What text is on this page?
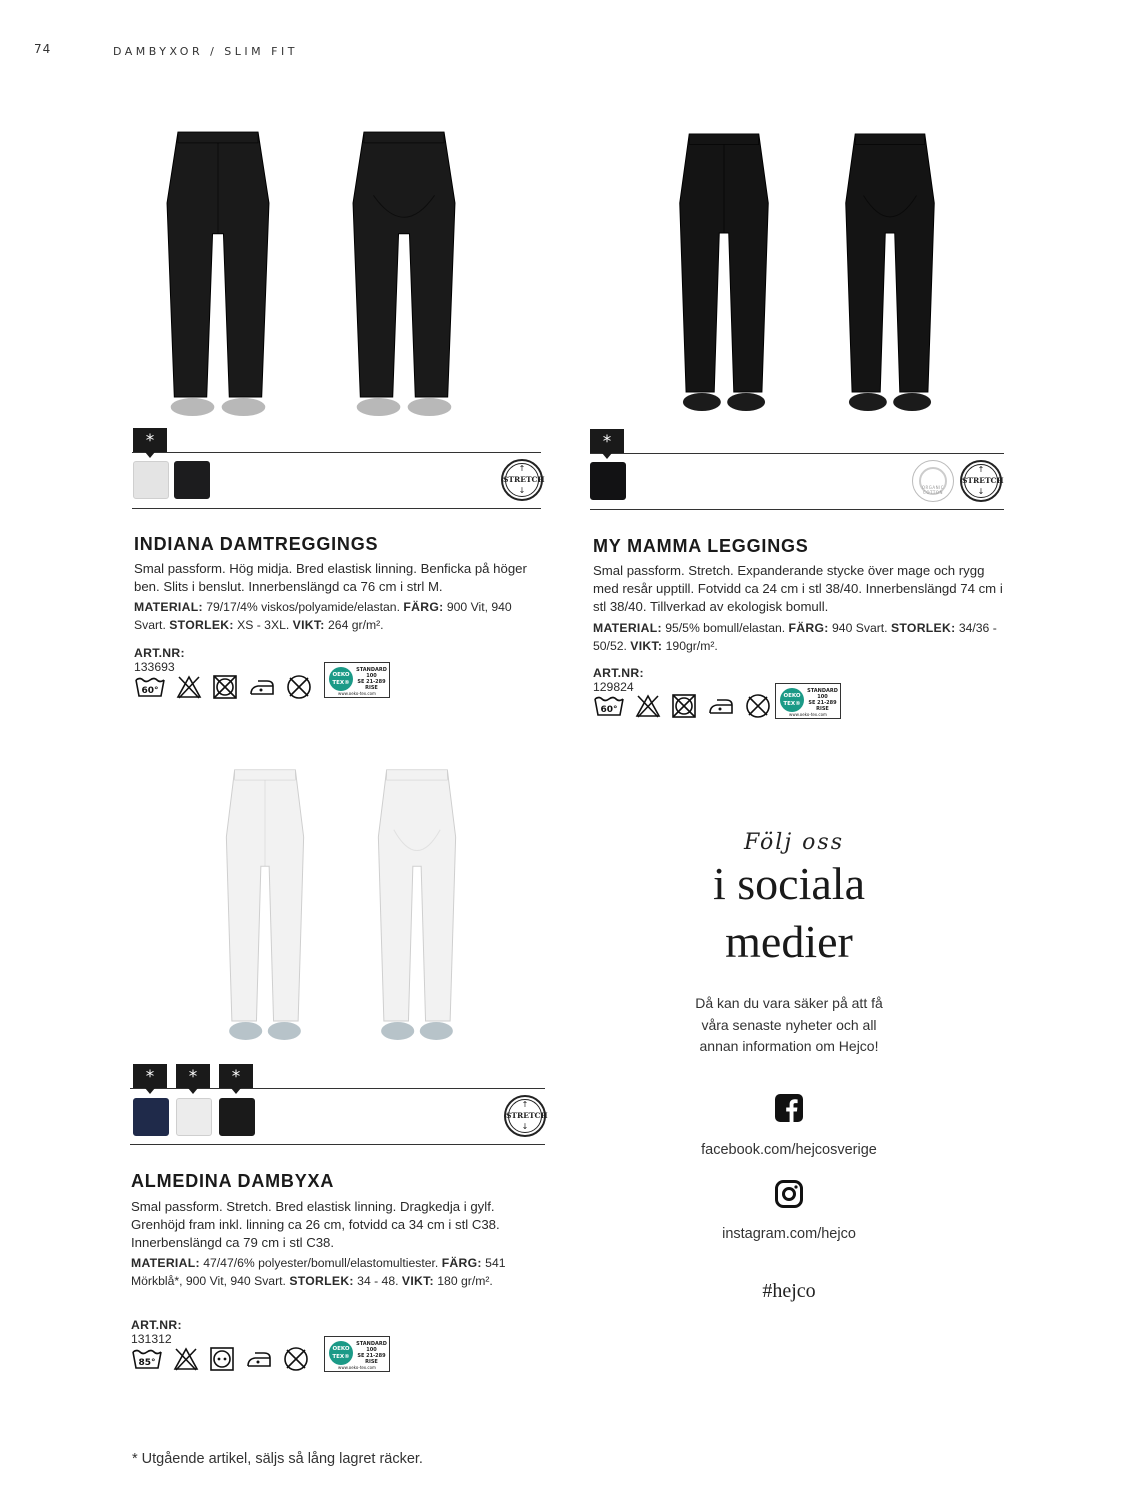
74	DAMBYXOR / SLIM FIT
*
↑
STRETCH
↓
INDIANA DAMTREGGINGS
Smal passform. Hög midja. Bred elastisk linning. Benficka på höger ben. Slits i benslut. Innerbenslängd ca 76 cm i strl M.
MATERIAL: 79/17/4% viskos/polyamide/elastan. FÄRG: 900 Vit, 940 Svart. STORLEK: XS - 3XL. VIKT: 264 gr/m².
ART.NR: 133693
60°
OEKO TEX®
STANDARD 100
SE 21-289 RISE
www.oeko-tex.com
*
↑
STRETCH
↓
ORGANIC COTTON
MY MAMMA LEGGINGS
Smal passform. Stretch. Expanderande stycke över mage och rygg med resår upptill. Fotvidd ca 24 cm i stl 38/40. Innerbenslängd 74 cm i stl 38/40. Tillverkad av ekologisk bomull.
MATERIAL: 95/5% bomull/elastan. FÄRG: 940 Svart. STORLEK: 34/36 - 50/52. VIKT: 190gr/m².
ART.NR: 129824
60°
OEKO TEX®
STANDARD 100
SE 21-289 RISE
www.oeko-tex.com
*	*	*
↑
STRETCH
↓
ALMEDINA DAMBYXA
Smal passform. Stretch. Bred elastisk linning. Dragkedja i gylf. Grenhöjd fram inkl. linning ca 26 cm, fotvidd ca 34 cm i stl C38. Innerbenslängd ca 79 cm i stl C38.
MATERIAL: 47/47/6% polyester/bomull/elastomultiester. FÄRG: 541 Mörkblå*, 900 Vit, 940 Svart. STORLEK: 34 - 48. VIKT: 180 gr/m².
ART.NR: 131312
85°
OEKO TEX®
STANDARD 100
SE 21-289 RISE
www.oeko-tex.com
Följ oss
i sociala
medier
Då kan du vara säker på att få
våra senaste nyheter och all
annan information om Hejco!
facebook.com/hejcosverige
instagram.com/hejco
#hejco
* Utgående artikel, säljs så lång lagret räcker.
